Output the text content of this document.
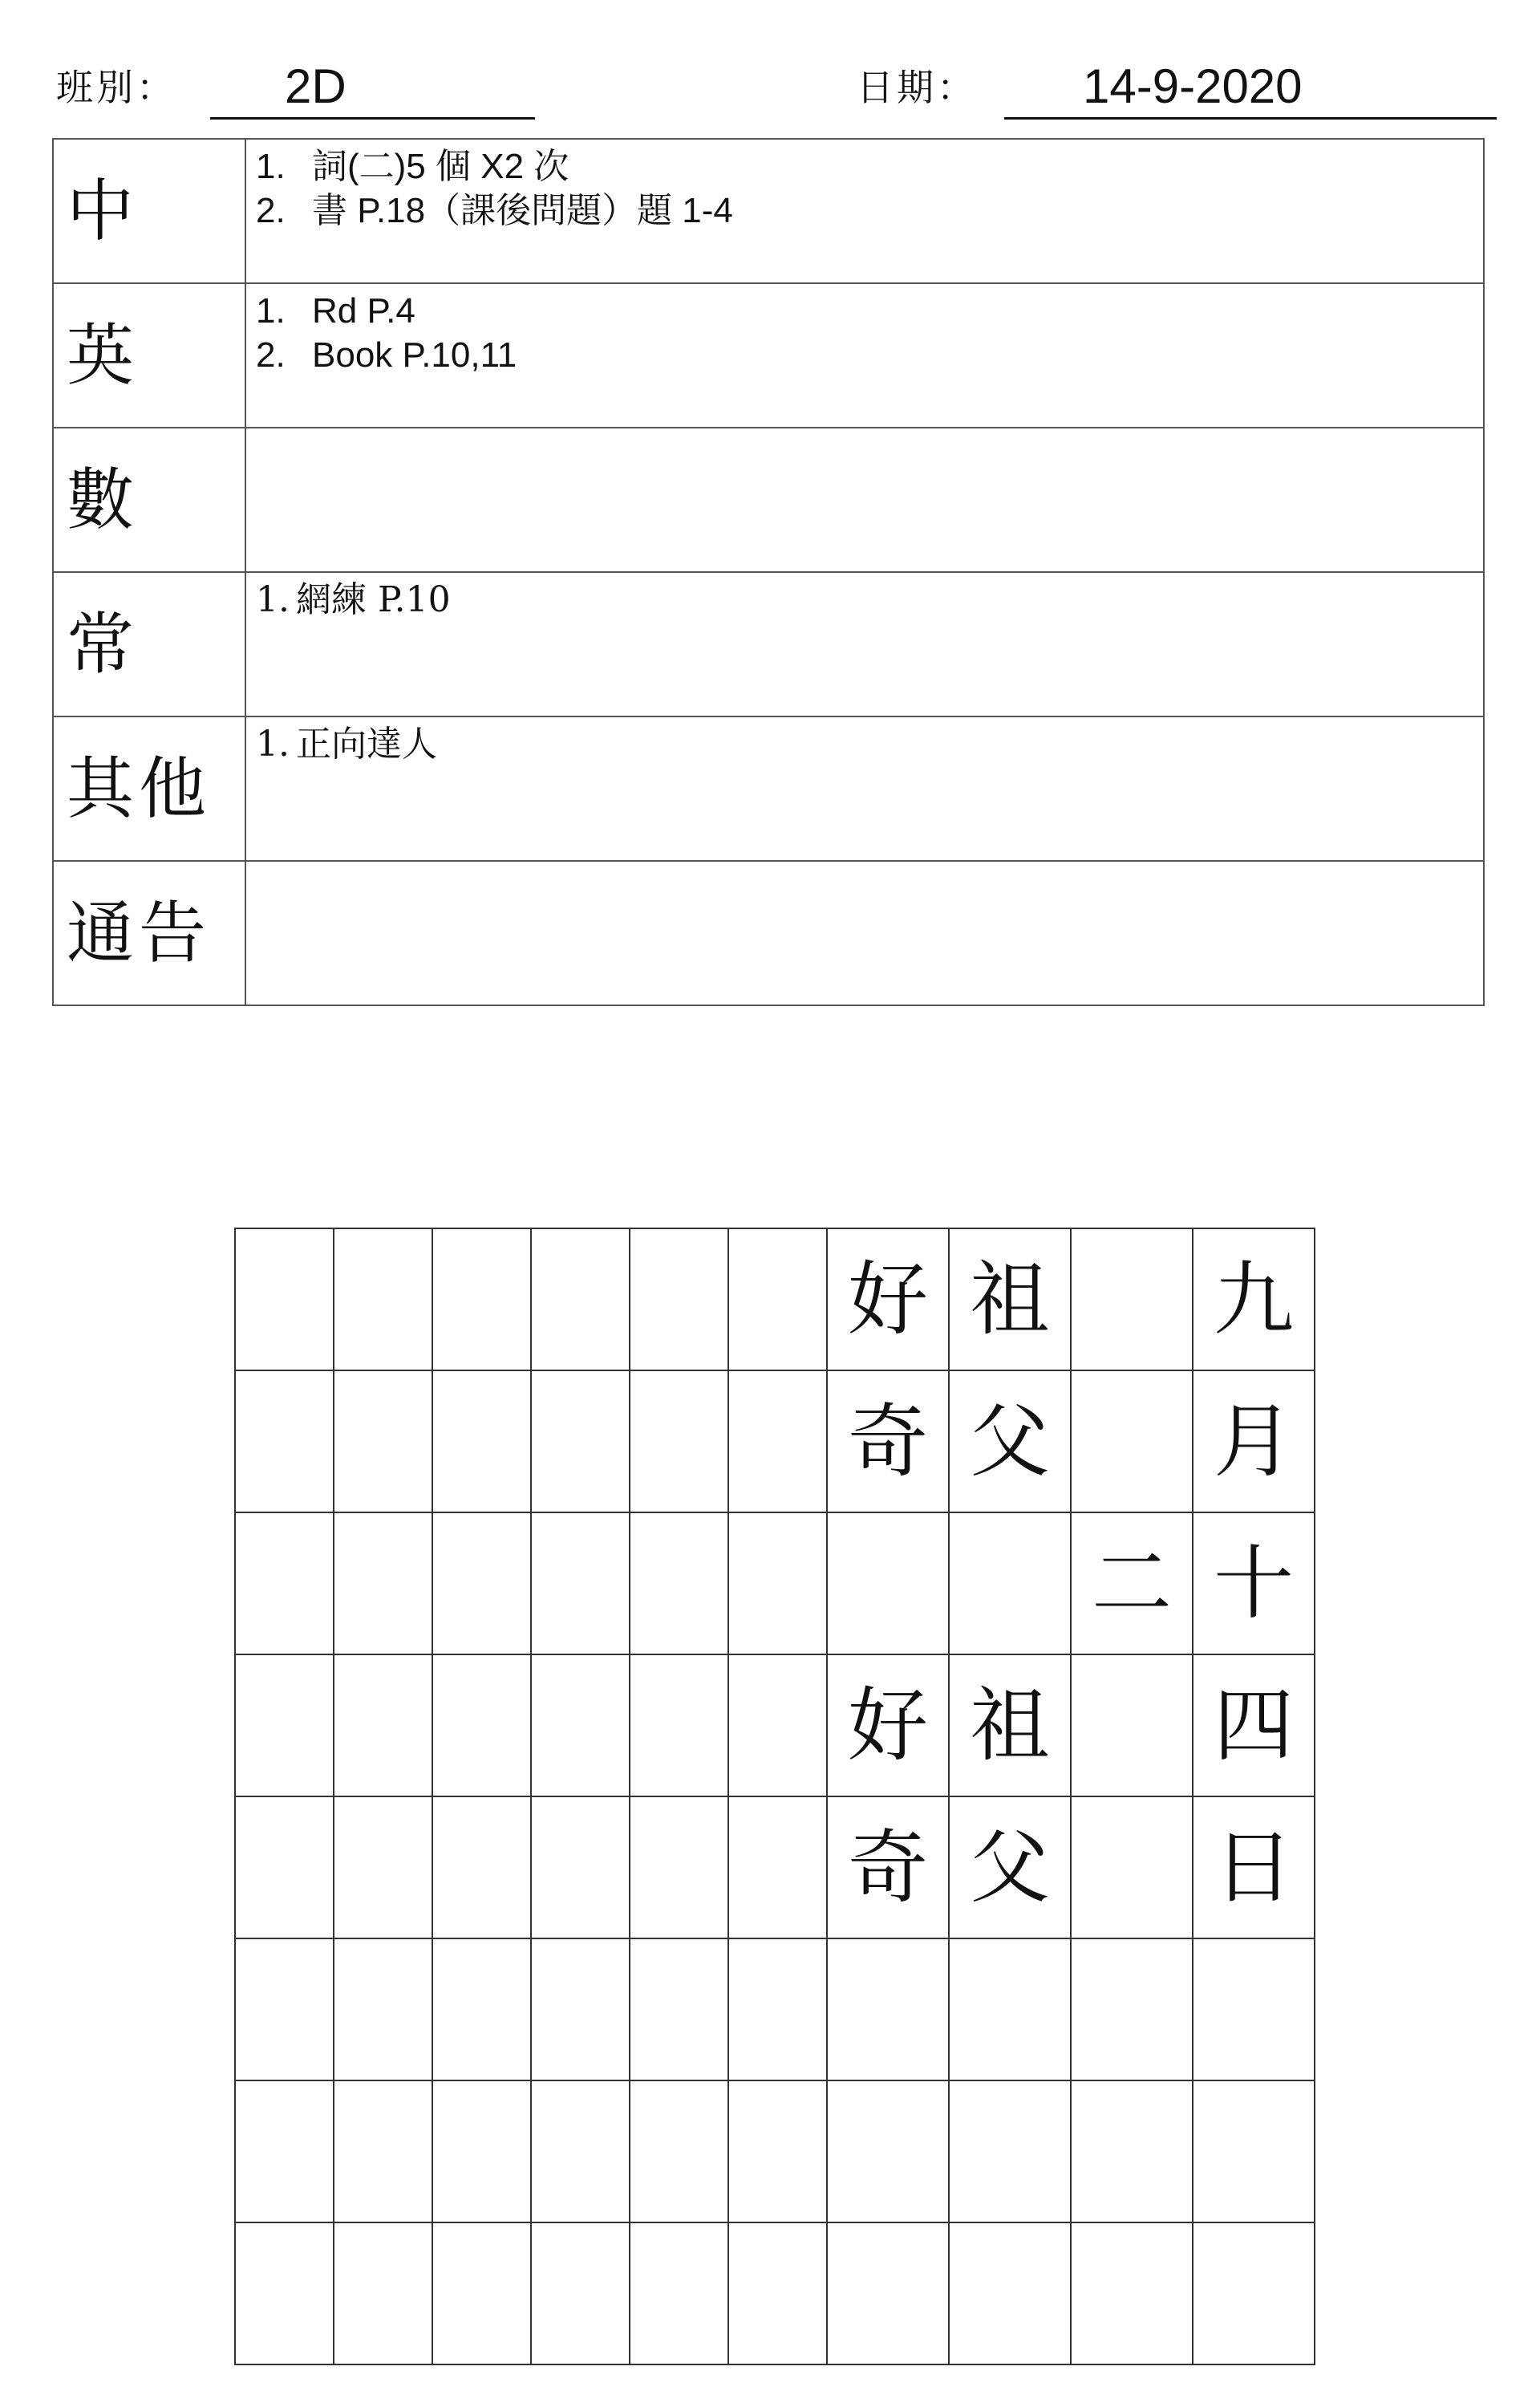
班別： 2D	日期： 14-9-2020
中	1. 詞(二)5 個 X2 次
2. 書 P.18（課後問題）題 1-4

英	1. Rd P.4
2. Book P.10,11

數	
常	1. 網練 P.10

其他	1. 正向達人

通告	
						好	祖		九
						奇	父		月
								二	十
						好	祖		四
						奇	父		日
